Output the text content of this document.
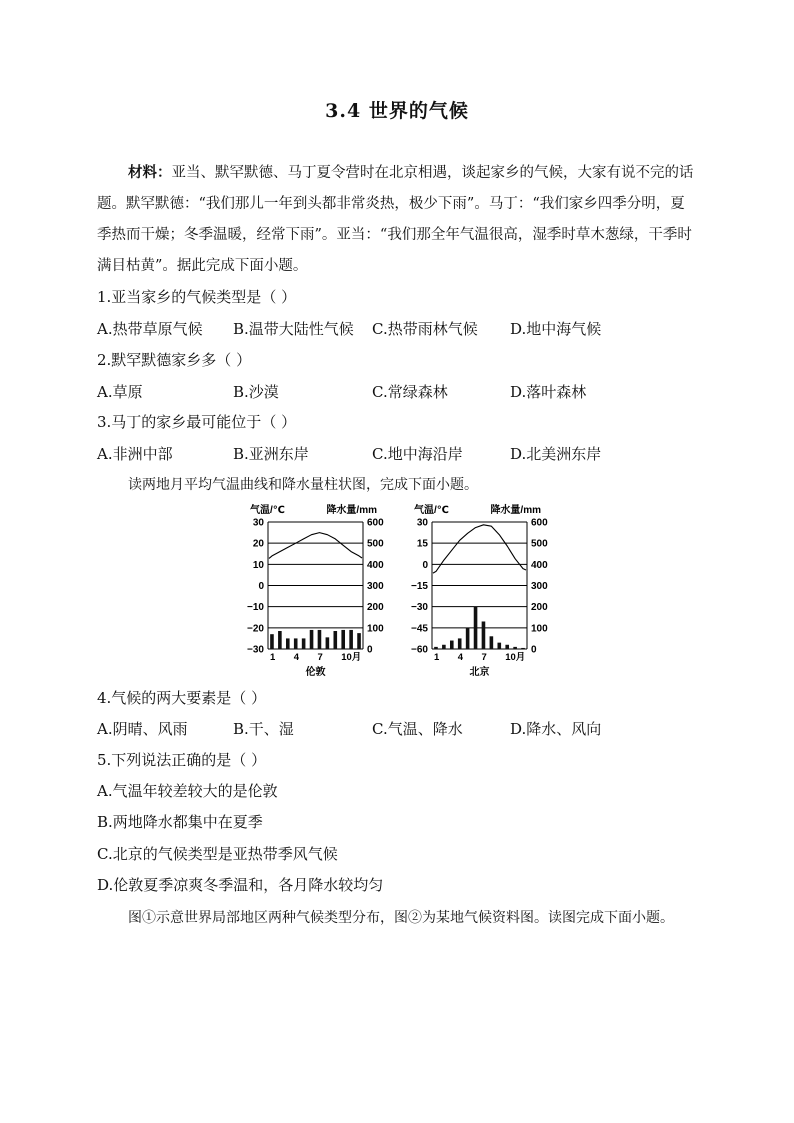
3.4 世界的气候
材料：亚当、默罕默德、马丁夏令营时在北京相遇，谈起家乡的气候，大家有说不完的话题。默罕默德：“我们那儿一年到头都非常炎热，极少下雨”。马丁：“我们家乡四季分明，夏季热而干燥；冬季温暖，经常下雨”。亚当：“我们那全年气温很高，湿季时草木葱绿，干季时满目枯黄”。据此完成下面小题。
1.亚当家乡的气候类型是（ ）
A.热带草原气候 B.温带大陆性气候 C.热带雨林气候 D.地中海气候
2.默罕默德家乡多（ ）
A.草原	B.沙漠	C.常绿森林	D.落叶森林
3.马丁的家乡最可能位于（ ）
A.非洲中部	B.亚洲东岸	C.地中海沿岸	D.北美洲东岸
读两地月平均气温曲线和降水量柱状图，完成下面小题。
气温/℃	降水量/mm
30	600
20	500
10	400
0	300
−10	200
−20	100
−30	0
1 4 7 10月
伦敦
气温/℃	降水量/mm
30	600
15	500
0	400
−15	300
−30	200
−45	100
−60	0
1 4 7 10月
北京
4.气候的两大要素是（ ）
A.阴晴、风雨	B.干、湿	C.气温、降水	D.降水、风向
5.下列说法正确的是（ ）
A.气温年较差较大的是伦敦
B.两地降水都集中在夏季
C.北京的气候类型是亚热带季风气候
D.伦敦夏季凉爽冬季温和，各月降水较均匀
图①示意世界局部地区两种气候类型分布，图②为某地气候资料图。读图完成下面小题。
